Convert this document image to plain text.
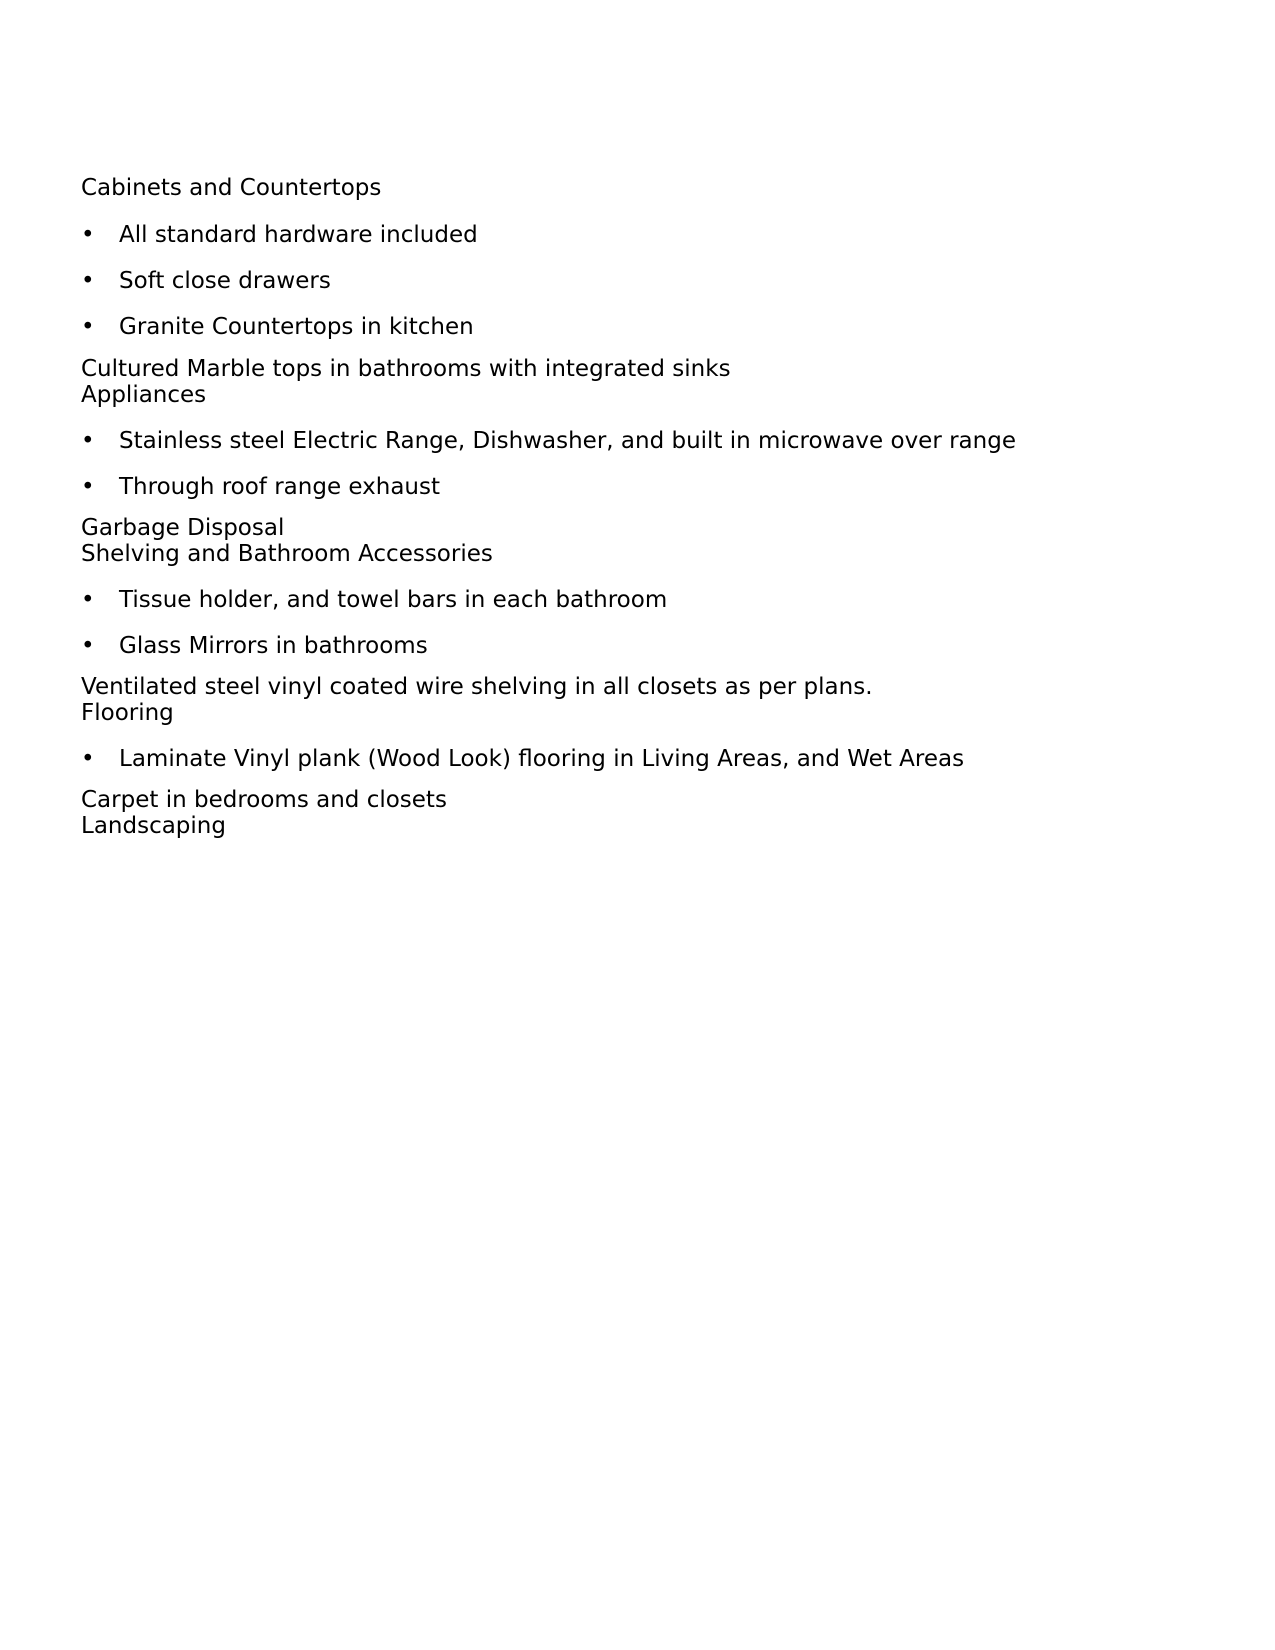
Cabinets and Countertops
• All standard hardware included
• Soft close drawers
• Granite Countertops in kitchen
Cultured Marble tops in bathrooms with integrated sinks
Appliances
• Stainless steel Electric Range, Dishwasher, and built in microwave over range
• Through roof range exhaust
Garbage Disposal
Shelving and Bathroom Accessories
• Tissue holder, and towel bars in each bathroom
• Glass Mirrors in bathrooms
Ventilated steel vinyl coated wire shelving in all closets as per plans.
Flooring
• Laminate Vinyl plank (Wood Look) flooring in Living Areas, and Wet Areas
Carpet in bedrooms and closets
Landscaping
